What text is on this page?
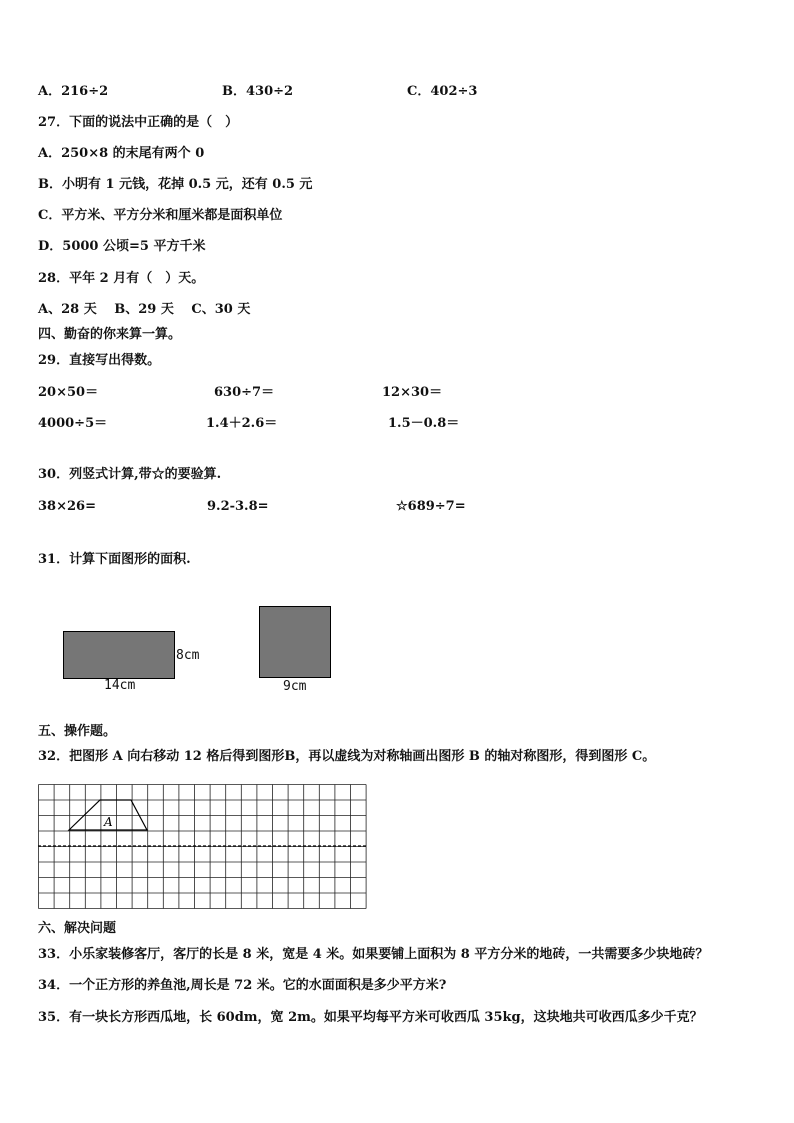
A．216÷2	B．430÷2	C．402÷3
27．下面的说法中正确的是（　）
A．250×8 的末尾有两个 0
B．小明有 1 元钱，花掉 0.5 元，还有 0.5 元
C．平方米、平方分米和厘米都是面积单位
D．5000 公顷=5 平方千米
28．平年 2 月有（　）天。
A、28 天　 B、29 天　 C、30 天
四、勤奋的你来算一算。
29．直接写出得数。
20×50＝	630÷7＝	12×30＝
4000÷5＝	1.4＋2.6＝	1.5－0.8＝
30．列竖式计算,带☆的要验算.
38×26=	9.2-3.8=	☆689÷7=
31．计算下面图形的面积.
8cm
14cm	9cm
五、操作题。
32．把图形 A 向右移动 12 格后得到图形B，再以虚线为对称轴画出图形 B 的轴对称图形，得到图形 C。
A
六、解决问题
33．小乐家装修客厅，客厅的长是 8 米，宽是 4 米。如果要铺上面积为 8 平方分米的地砖，一共需要多少块地砖？
34．一个正方形的养鱼池,周长是 72 米。它的水面面积是多少平方米?
35．有一块长方形西瓜地，长 60dm，宽 2m。如果平均每平方米可收西瓜 35kg，这块地共可收西瓜多少千克？
